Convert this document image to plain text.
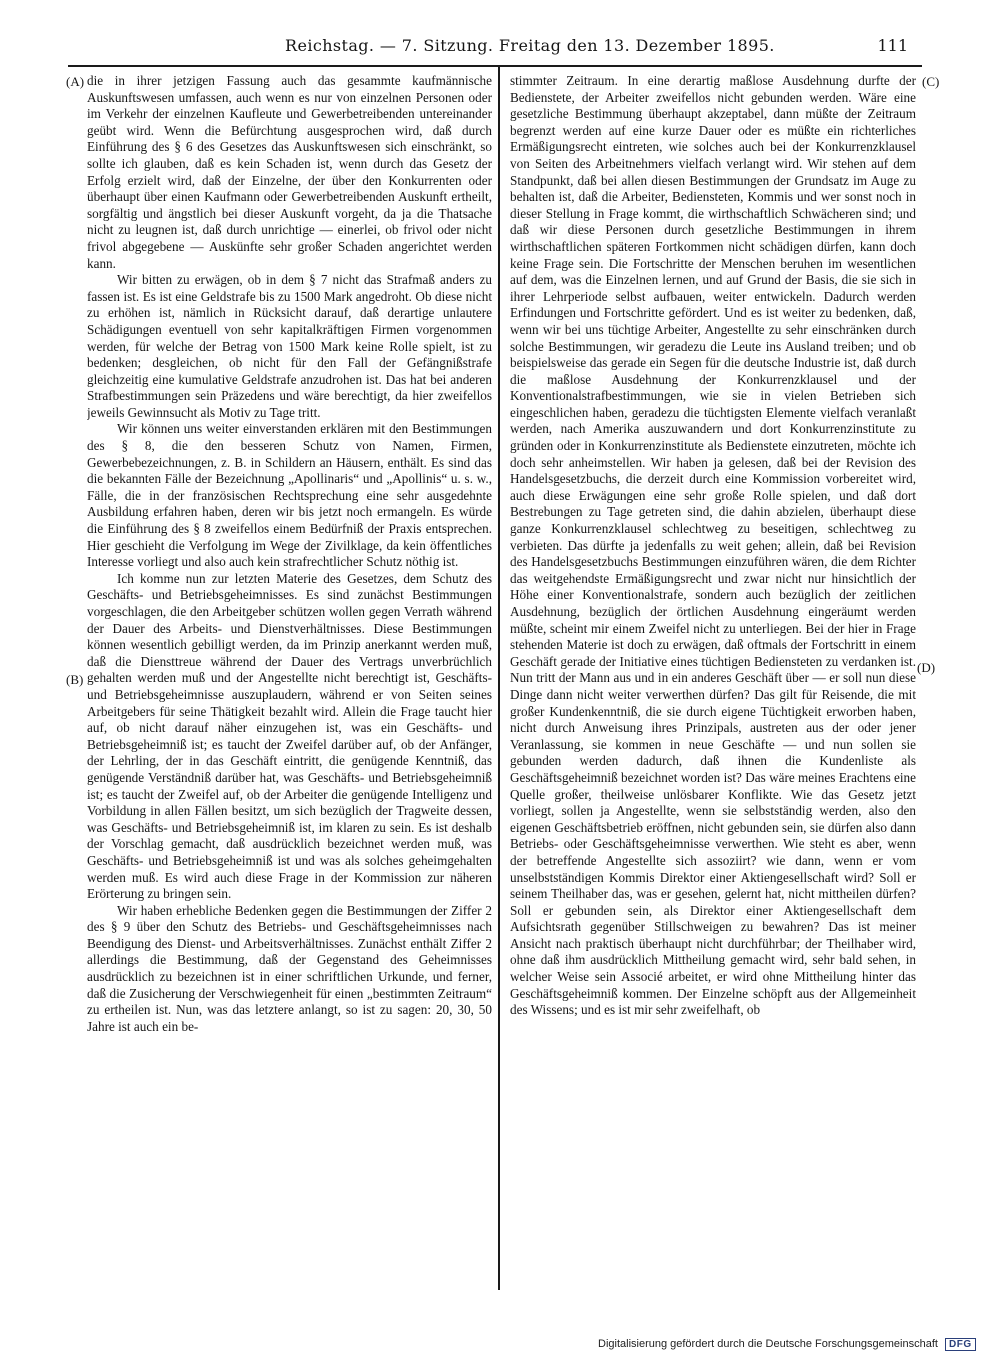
Reichstag. — 7. Sitzung. Freitag den 13. Dezember 1895.	111
(A)
(B)
(C)
(D)

die in ihrer jetzigen Fassung auch das gesammte kaufmännische Auskunftswesen umfassen, auch wenn es nur von einzelnen Personen oder im Verkehr der einzelnen Kaufleute und Gewerbetreibenden untereinander geübt wird. Wenn die Befürchtung ausgesprochen wird, daß durch Einführung des § 6 des Gesetzes das Auskunftswesen sich einschränkt, so sollte ich glauben, daß es kein Schaden ist, wenn durch das Gesetz der Erfolg erzielt wird, daß der Einzelne, der über den Konkurrenten oder überhaupt über einen Kaufmann oder Gewerbetreibenden Auskunft ertheilt, sorgfältig und ängstlich bei dieser Auskunft vorgeht, da ja die Thatsache nicht zu leugnen ist, daß durch unrichtige — einerlei, ob frivol oder nicht frivol abgegebene — Auskünfte sehr großer Schaden angerichtet werden kann.

Wir bitten zu erwägen, ob in dem § 7 nicht das Strafmaß anders zu fassen ist. Es ist eine Geldstrafe bis zu 1500 Mark angedroht. Ob diese nicht zu erhöhen ist, nämlich in Rücksicht darauf, daß derartige unlautere Schädigungen eventuell von sehr kapitalkräftigen Firmen vorgenommen werden, für welche der Betrag von 1500 Mark keine Rolle spielt, ist zu bedenken; desgleichen, ob nicht für den Fall der Gefängnißstrafe gleichzeitig eine kumulative Geldstrafe anzudrohen ist. Das hat bei anderen Strafbestimmungen sein Präzedens und wäre berechtigt, da hier zweifellos jeweils Gewinnsucht als Motiv zu Tage tritt.

Wir können uns weiter einverstanden erklären mit den Bestimmungen des § 8, die den besseren Schutz von Namen, Firmen, Gewerbebezeichnungen, z. B. in Schildern an Häusern, enthält. Es sind das die bekannten Fälle der Bezeichnung „Apollinaris“ und „Apollinis“ u. s. w., Fälle, die in der französischen Rechtsprechung eine sehr ausgedehnte Ausbildung erfahren haben, deren wir bis jetzt noch ermangeln. Es würde die Einführung des § 8 zweifellos einem Bedürfniß der Praxis entsprechen. Hier geschieht die Verfolgung im Wege der Zivilklage, da kein öffentliches Interesse vorliegt und also auch kein strafrechtlicher Schutz nöthig ist.

Ich komme nun zur letzten Materie des Gesetzes, dem Schutz des Geschäfts- und Betriebsgeheimnisses. Es sind zunächst Bestimmungen vorgeschlagen, die den Arbeitgeber schützen wollen gegen Verrath während der Dauer des Arbeits- und Dienstverhältnisses. Diese Bestimmungen können wesentlich gebilligt werden, da im Prinzip anerkannt werden muß, daß die Diensttreue während der Dauer des Vertrags unverbrüchlich gehalten werden muß und der Angestellte nicht berechtigt ist, Geschäfts- und Betriebsgeheimnisse auszuplaudern, während er von Seiten seines Arbeitgebers für seine Thätigkeit bezahlt wird. Allein die Frage taucht hier auf, ob nicht darauf näher einzugehen ist, was ein Geschäfts- und Betriebsgeheimniß ist; es taucht der Zweifel darüber auf, ob der Anfänger, der Lehrling, der in das Geschäft eintritt, die genügende Kenntniß, das genügende Verständniß darüber hat, was Geschäfts- und Betriebsgeheimniß ist; es taucht der Zweifel auf, ob der Arbeiter die genügende Intelligenz und Vorbildung in allen Fällen besitzt, um sich bezüglich der Tragweite dessen, was Geschäfts- und Betriebsgeheimniß ist, im klaren zu sein. Es ist deshalb der Vorschlag gemacht, daß ausdrücklich bezeichnet werden muß, was Geschäfts- und Betriebsgeheimniß ist und was als solches geheimgehalten werden muß. Es wird auch diese Frage in der Kommission zur näheren Erörterung zu bringen sein.

Wir haben erhebliche Bedenken gegen die Bestimmungen der Ziffer 2 des § 9 über den Schutz des Betriebs- und Geschäftsgeheimnisses nach Beendigung des Dienst- und Arbeitsverhältnisses. Zunächst enthält Ziffer 2 allerdings die Bestimmung, daß der Gegenstand des Geheimnisses ausdrücklich zu bezeichnen ist in einer schriftlichen Urkunde, und ferner, daß die Zusicherung der Verschwiegenheit für einen „bestimmten Zeitraum“ zu ertheilen ist. Nun, was das letztere anlangt, so ist zu sagen: 20, 30, 50 Jahre ist auch ein be-

stimmter Zeitraum. In eine derartig maßlose Ausdehnung durfte der Bedienstete, der Arbeiter zweifellos nicht gebunden werden. Wäre eine gesetzliche Bestimmung überhaupt akzeptabel, dann müßte der Zeitraum begrenzt werden auf eine kurze Dauer oder es müßte ein richterliches Ermäßigungsrecht eintreten, wie solches auch bei der Konkurrenzklausel von Seiten des Arbeitnehmers vielfach verlangt wird. Wir stehen auf dem Standpunkt, daß bei allen diesen Bestimmungen der Grundsatz im Auge zu behalten ist, daß die Arbeiter, Bediensteten, Kommis und wer sonst noch in dieser Stellung in Frage kommt, die wirthschaftlich Schwächeren sind; und daß wir diese Personen durch gesetzliche Bestimmungen in ihrem wirthschaftlichen späteren Fortkommen nicht schädigen dürfen, kann doch keine Frage sein. Die Fortschritte der Menschen beruhen im wesentlichen auf dem, was die Einzelnen lernen, und auf Grund der Basis, die sie sich in ihrer Lehrperiode selbst aufbauen, weiter entwickeln. Dadurch werden Erfindungen und Fortschritte gefördert. Und es ist weiter zu bedenken, daß, wenn wir bei uns tüchtige Arbeiter, Angestellte zu sehr einschränken durch solche Bestimmungen, wir geradezu die Leute ins Ausland treiben; und ob beispielsweise das gerade ein Segen für die deutsche Industrie ist, daß durch die maßlose Ausdehnung der Konkurrenzklausel und der Konventionalstrafbestimmungen, wie sie in vielen Betrieben sich eingeschlichen haben, geradezu die tüchtigsten Elemente vielfach veranlaßt werden, nach Amerika auszuwandern und dort Konkurrenzinstitute zu gründen oder in Konkurrenzinstitute als Bedienstete einzutreten, möchte ich doch sehr anheimstellen. Wir haben ja gelesen, daß bei der Revision des Handelsgesetzbuchs, die derzeit durch eine Kommission vorbereitet wird, auch diese Erwägungen eine sehr große Rolle spielen, und daß dort Bestrebungen zu Tage getreten sind, die dahin abzielen, überhaupt diese ganze Konkurrenzklausel schlechtweg zu beseitigen, schlechtweg zu verbieten. Das dürfte ja jedenfalls zu weit gehen; allein, daß bei Revision des Handelsgesetzbuchs Bestimmungen einzuführen wären, die dem Richter das weitgehendste Ermäßigungsrecht und zwar nicht nur hinsichtlich der Höhe einer Konventionalstrafe, sondern auch bezüglich der zeitlichen Ausdehnung, bezüglich der örtlichen Ausdehnung eingeräumt werden müßte, scheint mir einem Zweifel nicht zu unterliegen. Bei der hier in Frage stehenden Materie ist doch zu erwägen, daß oftmals der Fortschritt in einem Geschäft gerade der Initiative eines tüchtigen Bediensteten zu verdanken ist. Nun tritt der Mann aus und in ein anderes Geschäft über — er soll nun diese Dinge dann nicht weiter verwerthen dürfen? Das gilt für Reisende, die mit großer Kundenkenntniß, die sie durch eigene Tüchtigkeit erworben haben, nicht durch Anweisung ihres Prinzipals, austreten aus der oder jener Veranlassung, sie kommen in neue Geschäfte — und nun sollen sie gebunden werden dadurch, daß ihnen die Kundenliste als Geschäftsgeheimniß bezeichnet worden ist? Das wäre meines Erachtens eine Quelle großer, theilweise unlösbarer Konflikte. Wie das Gesetz jetzt vorliegt, sollen ja Angestellte, wenn sie selbstständig werden, also den eigenen Geschäftsbetrieb eröffnen, nicht gebunden sein, sie dürfen also dann Betriebs- oder Geschäftsgeheimnisse verwerthen. Wie steht es aber, wenn der betreffende Angestellte sich assoziirt? wie dann, wenn er vom unselbstständigen Kommis Direktor einer Aktiengesellschaft wird? Soll er seinem Theilhaber das, was er gesehen, gelernt hat, nicht mittheilen dürfen? Soll er gebunden sein, als Direktor einer Aktiengesellschaft dem Aufsichtsrath gegenüber Stillschweigen zu bewahren? Das ist meiner Ansicht nach praktisch überhaupt nicht durchführbar; der Theilhaber wird, ohne daß ihm ausdrücklich Mittheilung gemacht wird, sehr bald sehen, in welcher Weise sein Associé arbeitet, er wird ohne Mittheilung hinter das Geschäftsgeheimniß kommen. Der Einzelne schöpft aus der Allgemeinheit des Wissens; und es ist mir sehr zweifelhaft, ob

Digitalisierung gefördert durch die Deutsche Forschungsgemeinschaft DFG
